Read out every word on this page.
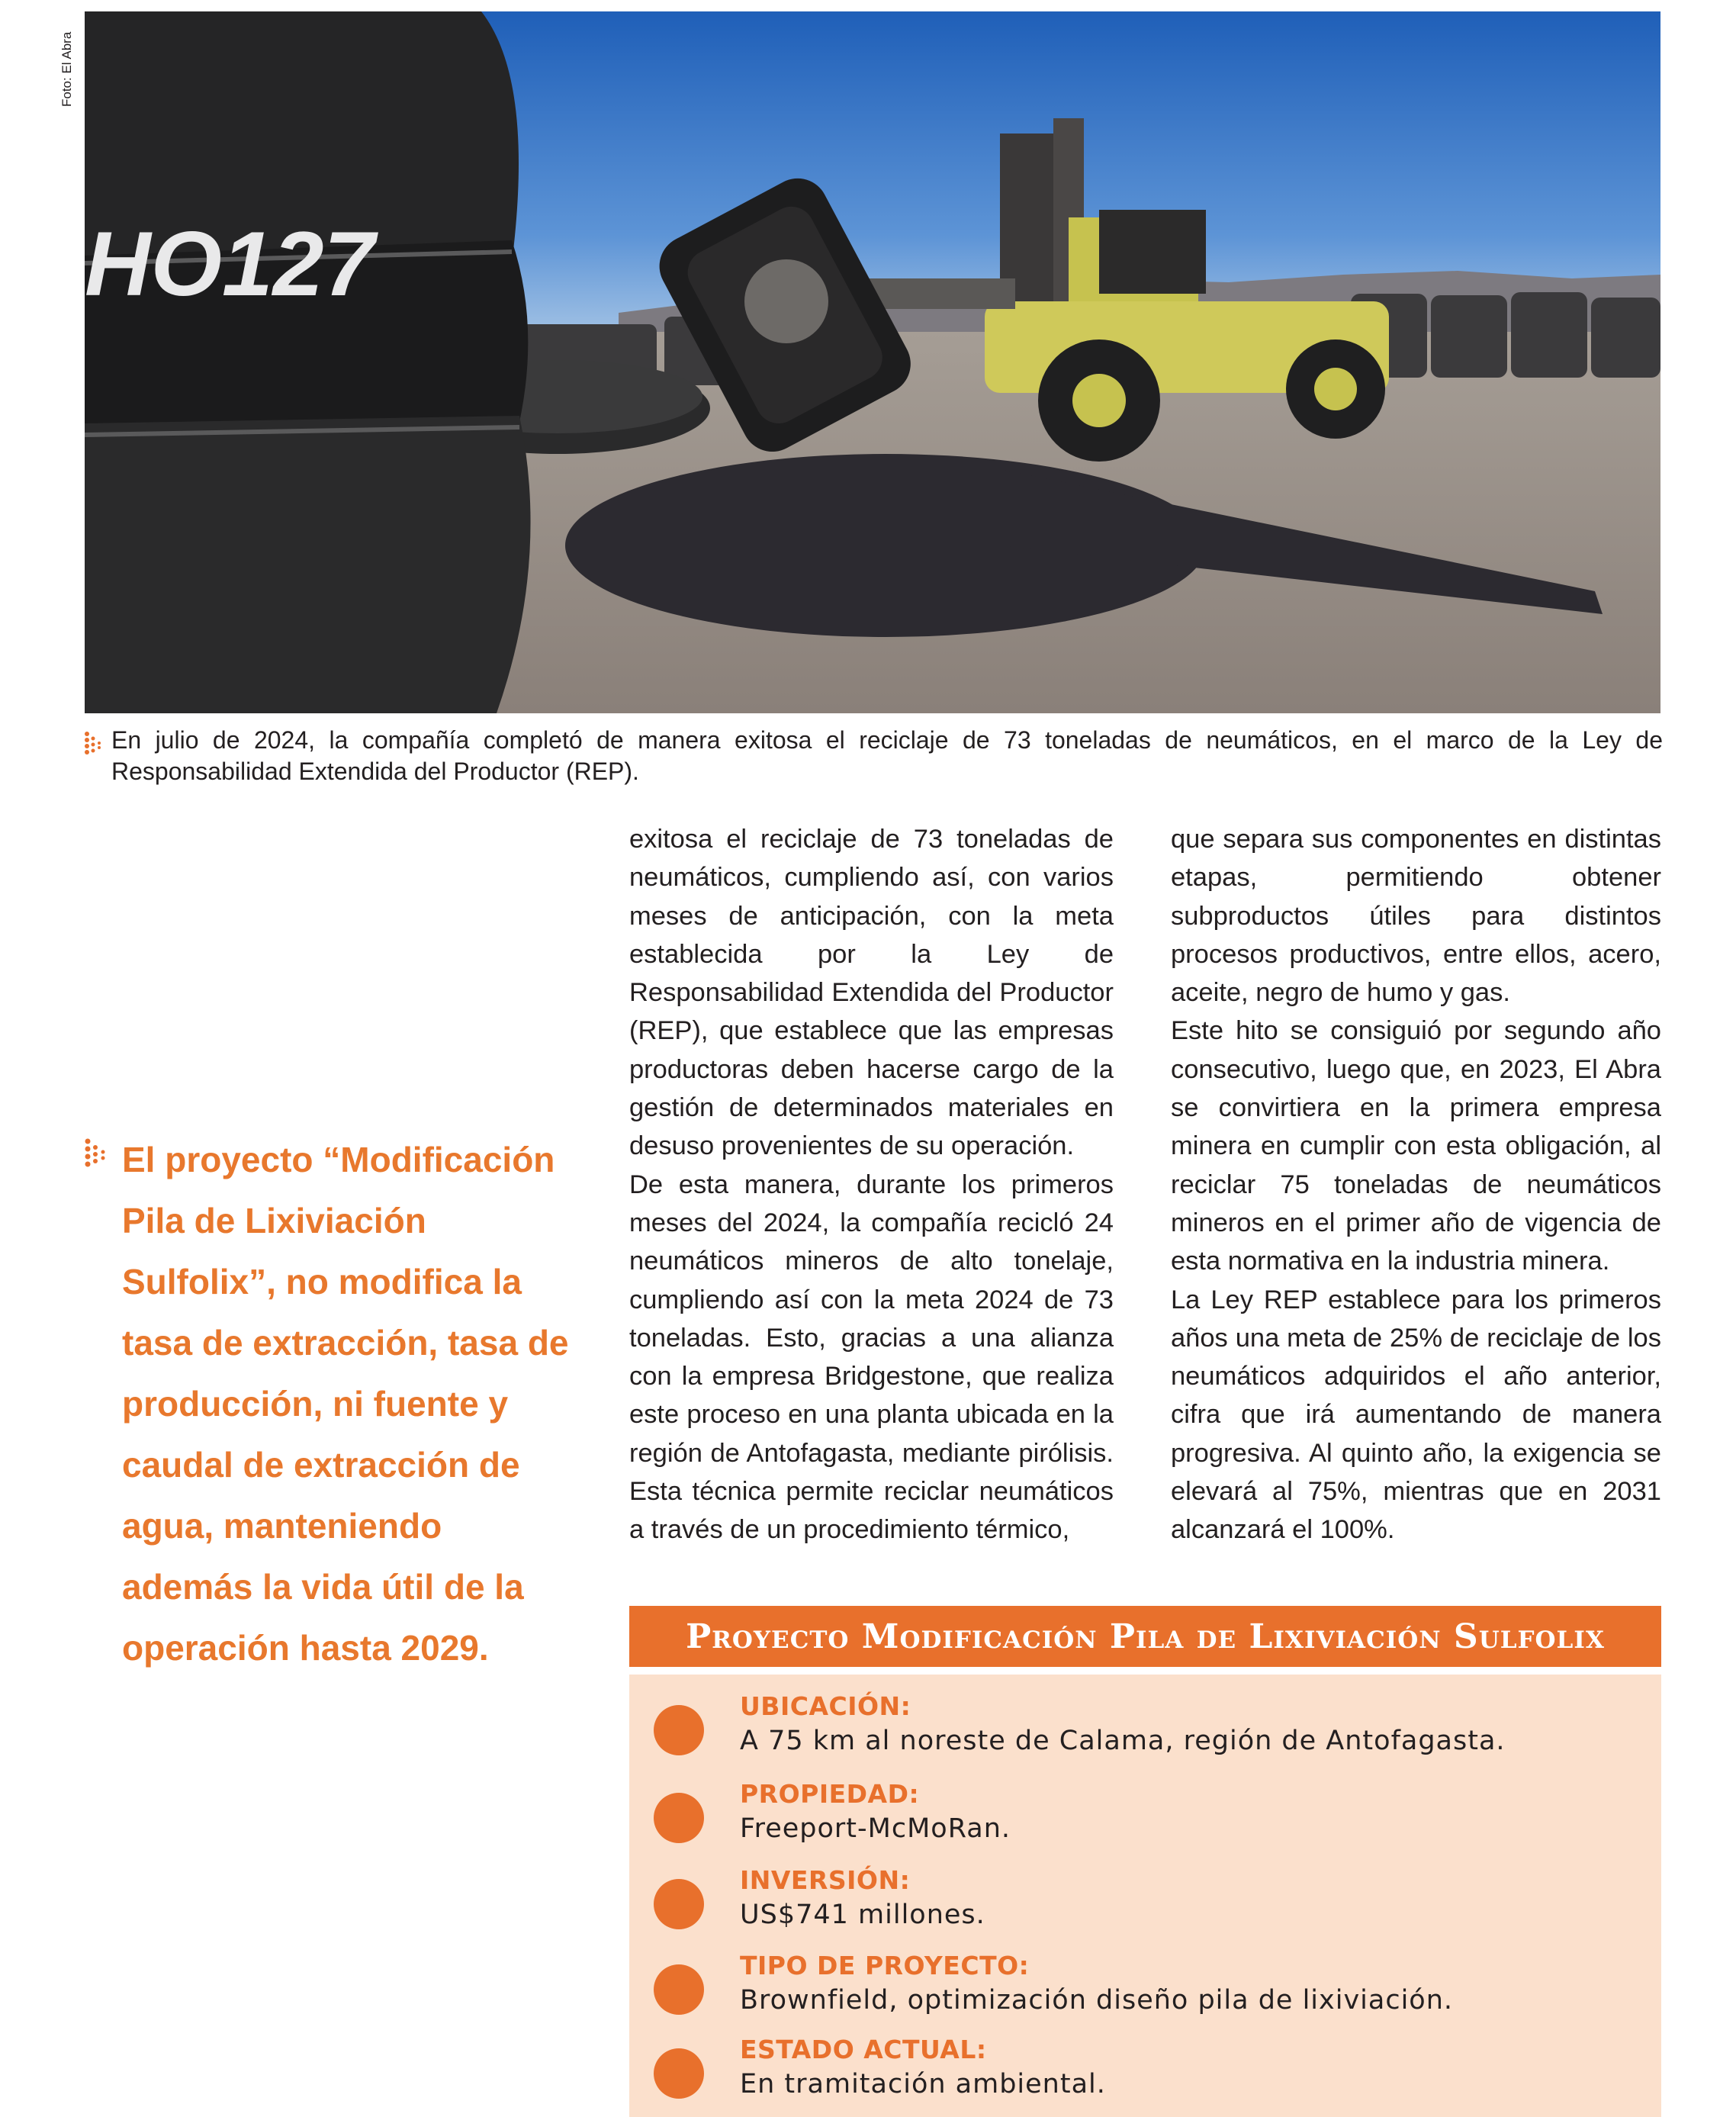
Foto: El Abra
HO127
En julio de 2024, la compañía completó de manera exitosa el reciclaje de 73 toneladas de neumáticos, en el marco de la Ley de Responsabilidad Extendida del Productor (REP).
El proyecto “Modificación Pila de Lixiviación Sulfolix”, no modifica la tasa de extracción, tasa de producción, ni fuente y caudal de extracción de agua, manteniendo además la vida útil de la operación hasta 2029.

exitosa el reciclaje de 73 toneladas de neumáticos, cumpliendo así, con varios meses de anticipación, con la meta establecida por la Ley de Responsabilidad Extendida del Productor (REP), que establece que las empresas productoras deben hacerse cargo de la gestión de determinados materiales en desuso provenientes de su operación.

De esta manera, durante los primeros meses del 2024, la compañía recicló 24 neumáticos mineros de alto tonelaje, cumpliendo así con la meta 2024 de 73 toneladas. Esto, gracias a una alianza con la empresa Bridgestone, que realiza este proceso en una planta ubicada en la región de Antofagasta, mediante pirólisis. Esta técnica permite reciclar neumáticos a través de un procedimiento térmico,

que separa sus componentes en distintas etapas, permitiendo obtener subproductos útiles para distintos procesos productivos, entre ellos, acero, aceite, negro de humo y gas.

Este hito se consiguió por segundo año consecutivo, luego que, en 2023, El Abra se convirtiera en la primera empresa minera en cumplir con esta obligación, al reciclar 75 toneladas de neumáticos mineros en el primer año de vigencia de esta normativa en la industria minera.

La Ley REP establece para los primeros años una meta de 25% de reciclaje de los neumáticos adquiridos el año anterior, cifra que irá aumentando de manera progresiva. Al quinto año, la exigencia se elevará al 75%, mientras que en 2031 alcanzará el 100%.

Proyecto Modificación Pila de Lixiviación Sulfolix
UBICACIÓN:
A 75 km al noreste de Calama, región de Antofagasta.
PROPIEDAD:
Freeport-McMoRan.
INVERSIÓN:
US$741 millones.
TIPO DE PROYECTO:
Brownfield, optimización diseño pila de lixiviación.
ESTADO ACTUAL:
En tramitación ambiental.
